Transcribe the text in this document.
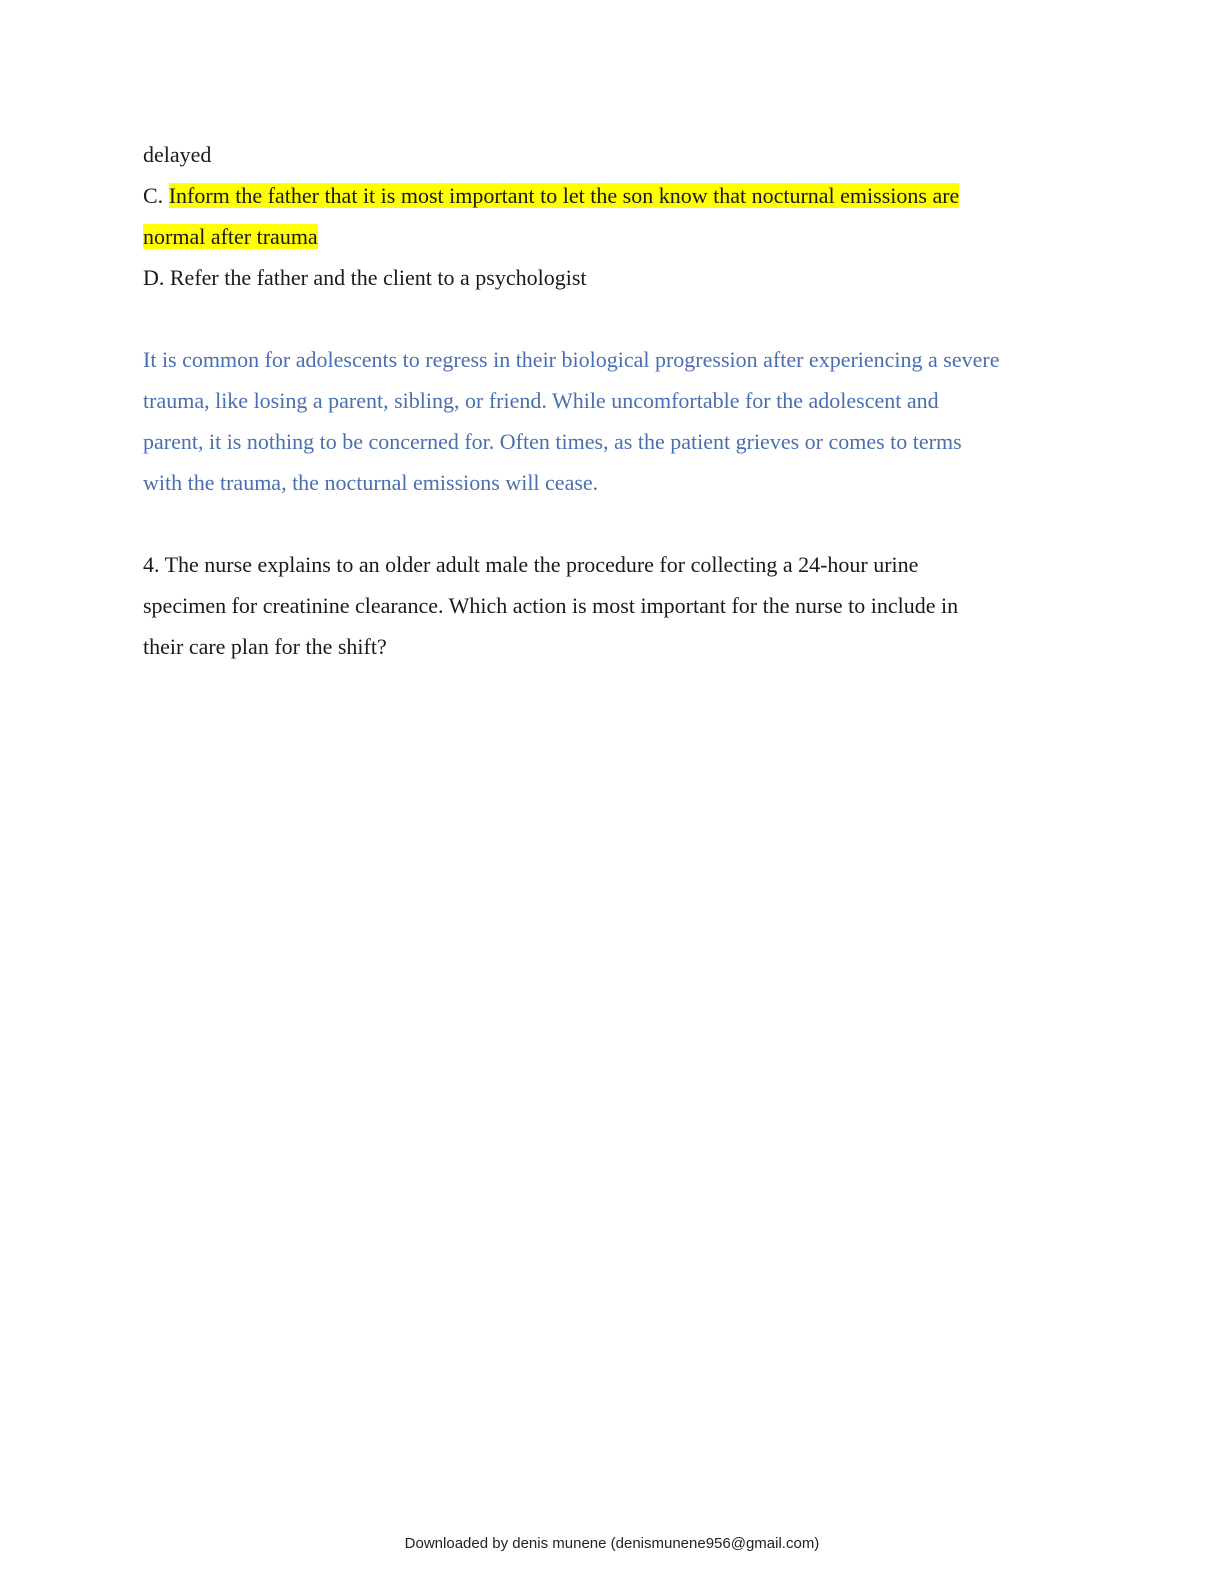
delayed
C. Inform the father that it is most important to let the son know that nocturnal emissions are
normal after trauma
D. Refer the father and the client to a psychologist
It is common for adolescents to regress in their biological progression after experiencing a severe
trauma, like losing a parent, sibling, or friend. While uncomfortable for the adolescent and
parent, it is nothing to be concerned for. Often times, as the patient grieves or comes to terms
with the trauma, the nocturnal emissions will cease.
4. The nurse explains to an older adult male the procedure for collecting a 24-hour urine
specimen for creatinine clearance. Which action is most important for the nurse to include in
their care plan for the shift?
Downloaded by denis munene (denismunene956@gmail.com)
